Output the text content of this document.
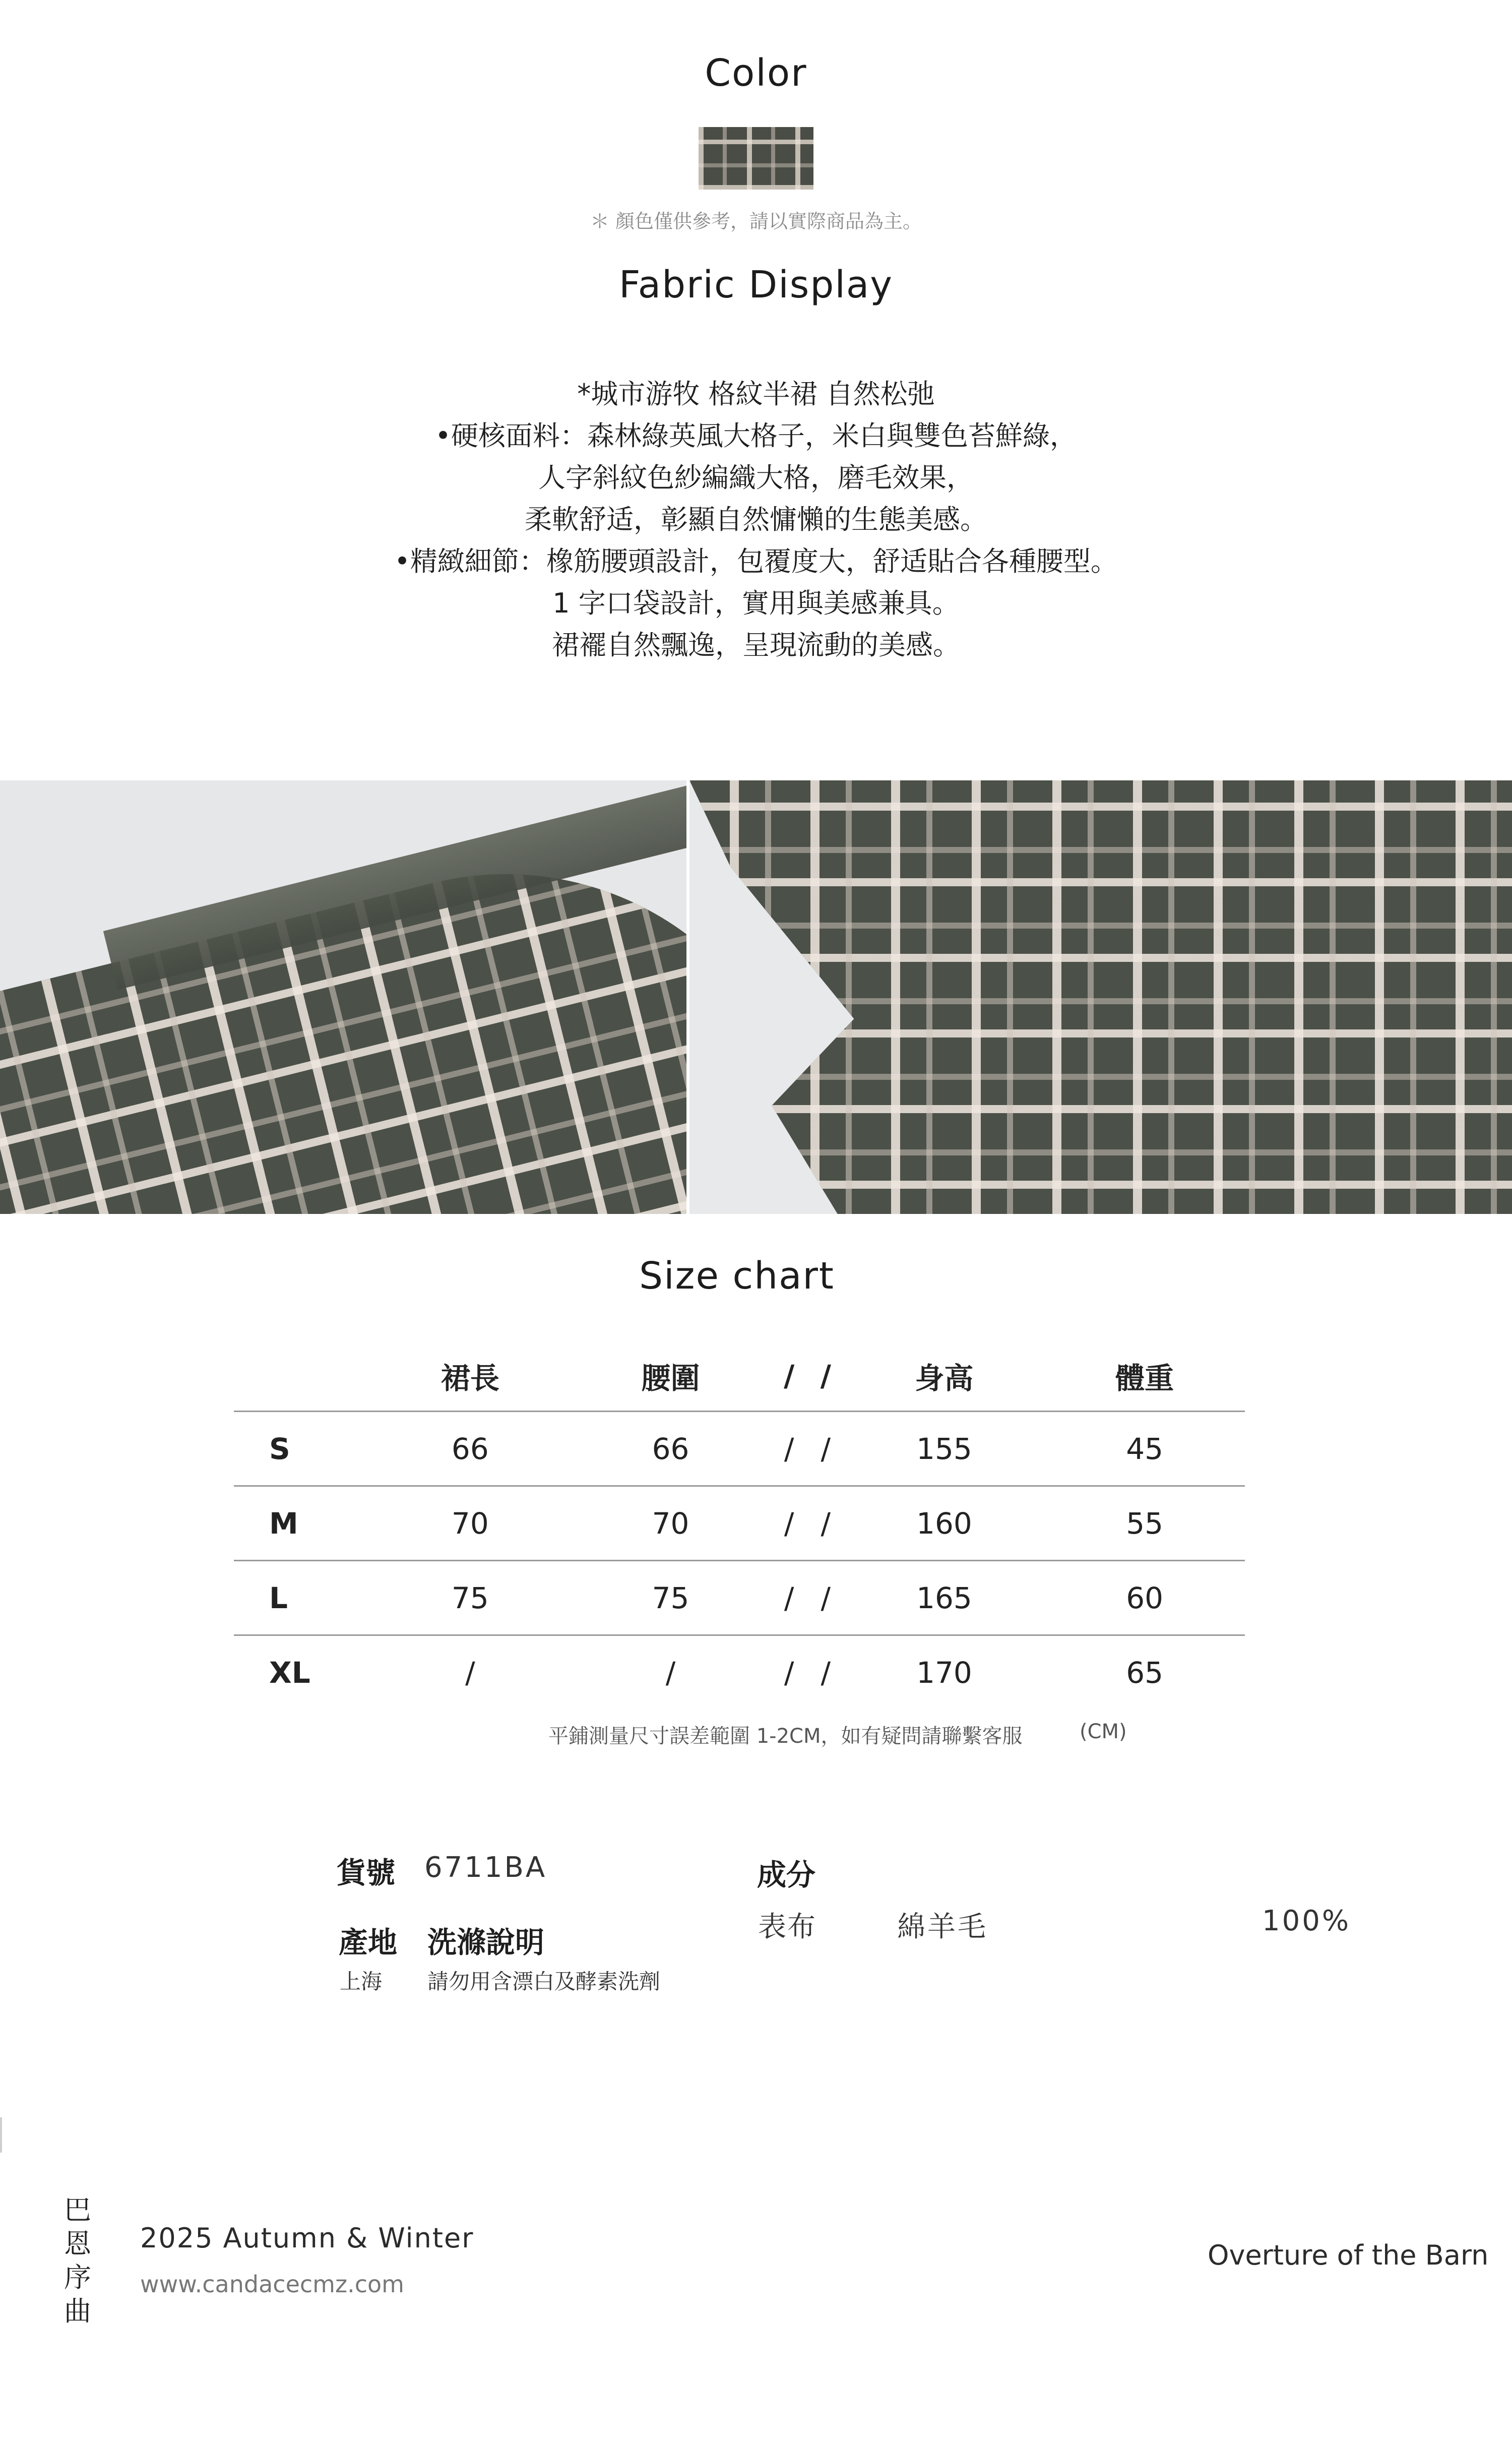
Color
＊ 顏色僅供參考，請以實際商品為主。
Fabric Display

*城市游牧 格紋半裙 自然松弛

•硬核面料：森林綠英風大格子，米白與雙色苔鮮綠，

人字斜紋色紗編織大格，磨毛效果，

柔軟舒适，彰顯自然慵懶的生態美感。

•精緻細節：橡筋腰頭設計，包覆度大，舒适貼合各種腰型。

1 字口袋設計，實用與美感兼具。

裙襬自然飄逸，呈現流動的美感。

Size chart
	裙長	腰圍	/	/	身高	體重
S	66	66	/	/	155	45
M	70	70	/	/	160	55
L	75	75	/	/	165	60
XL	/	/	/	/	170	65
平鋪測量尺寸誤差範圍 1-2CM，如有疑問請聯繫客服	(CM)
貨號 6711BA
產地 洗滌說明
上海 請勿用含漂白及酵素洗劑
成分
表布	綿羊毛	100%
巴
恩
序
曲
2025 Autumn & Winter
www.candacecmz.com
Overture of the Barn
